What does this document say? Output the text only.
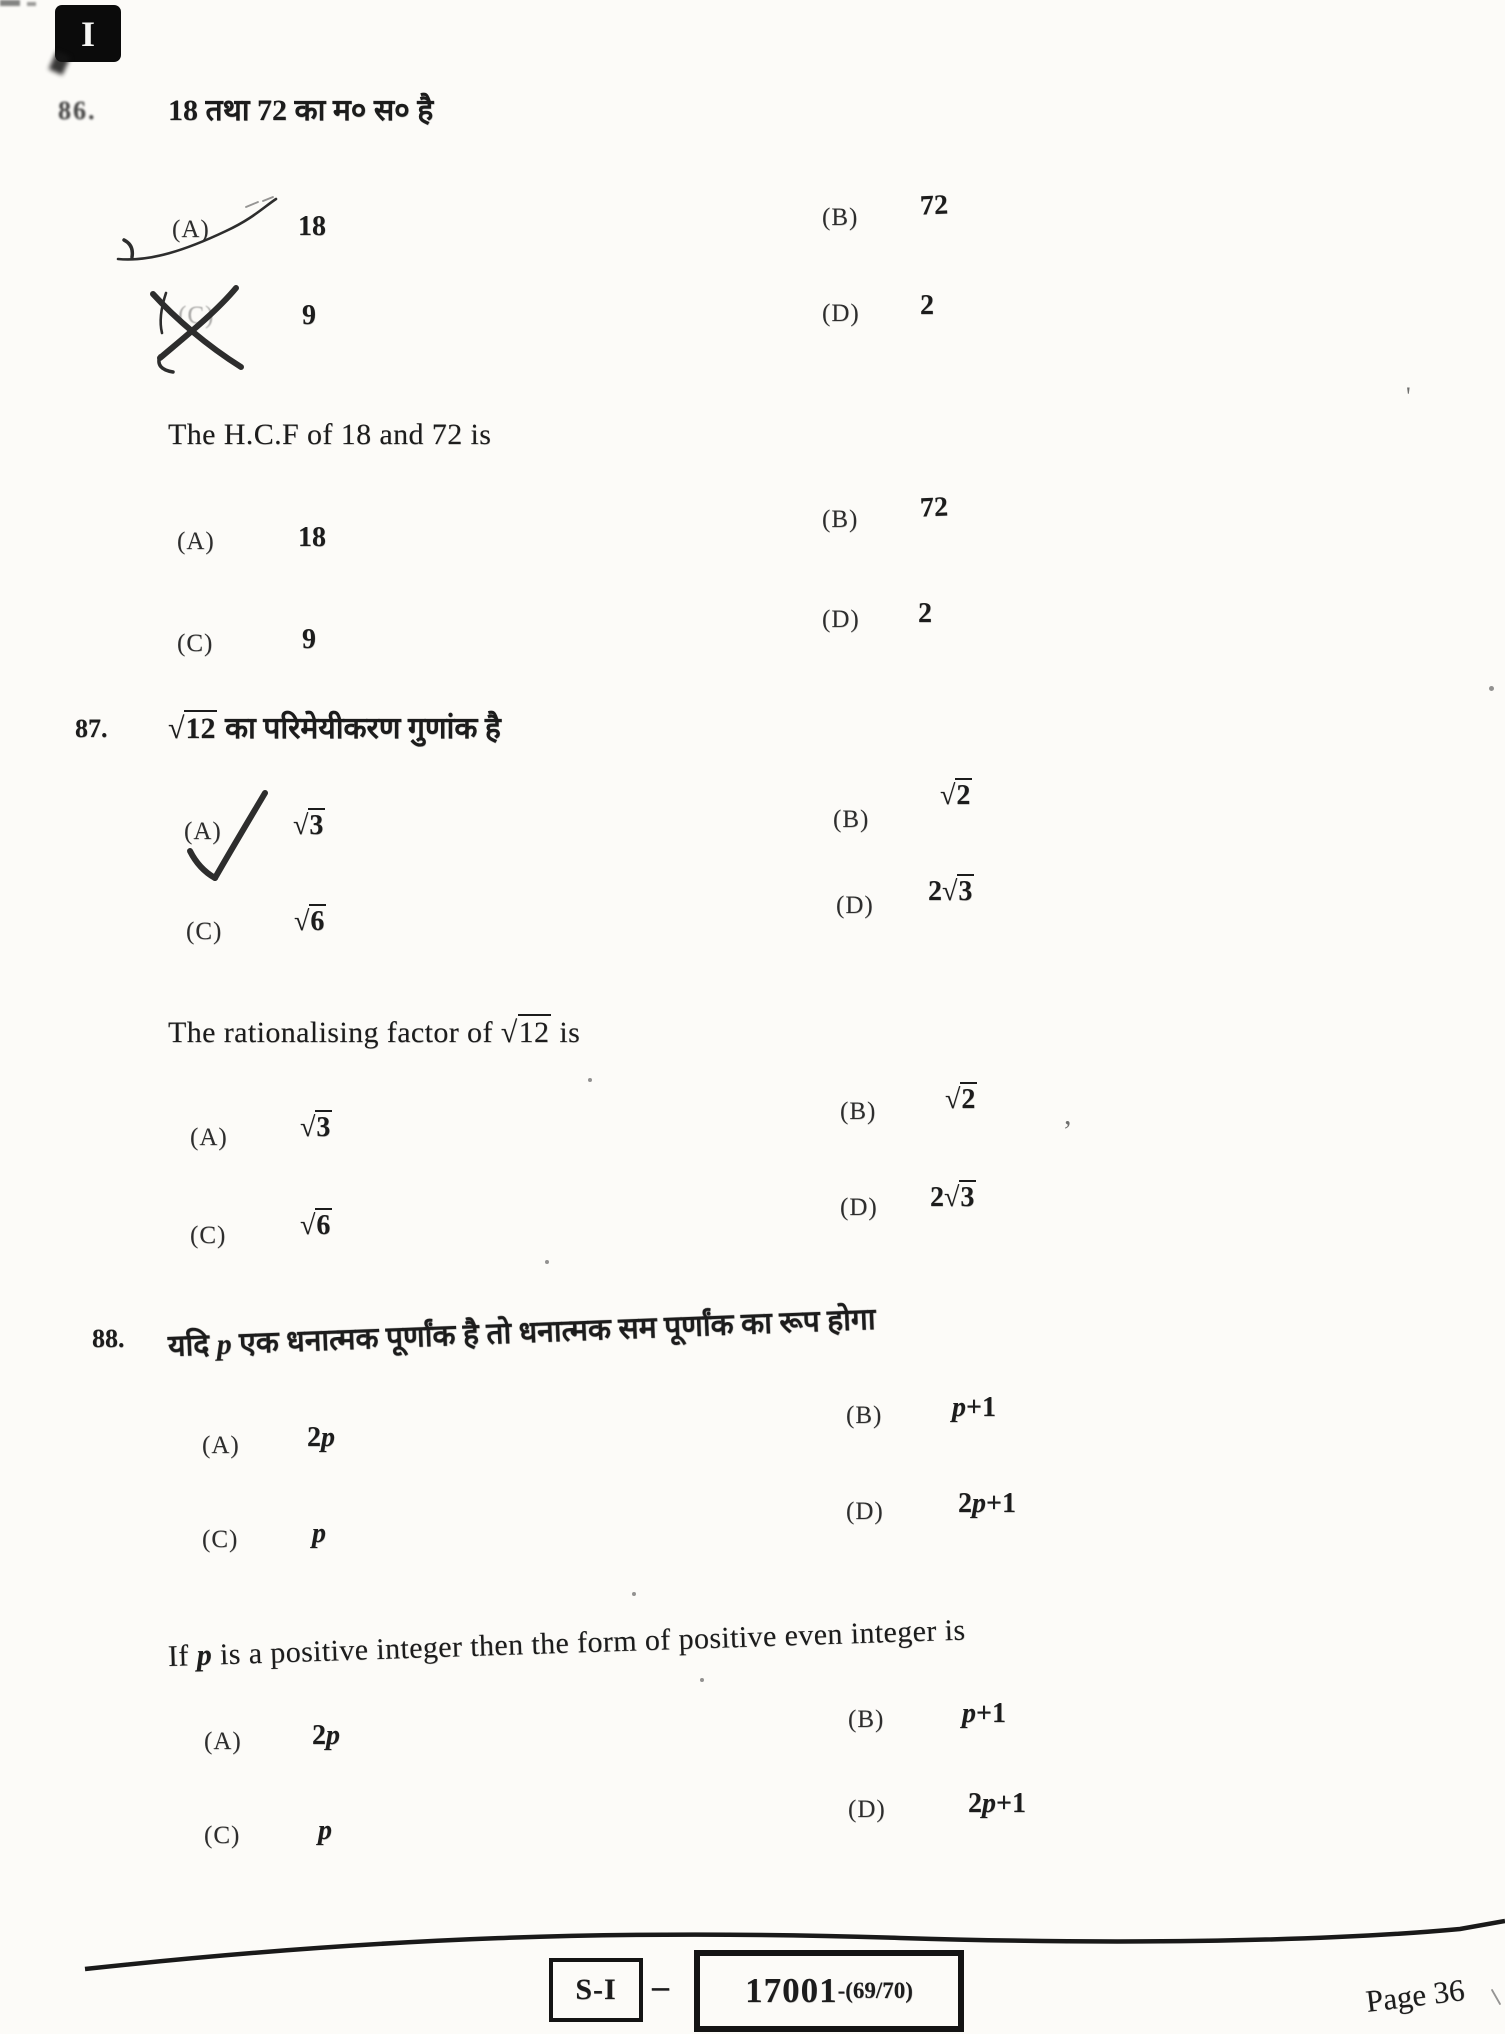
I
86. 18 तथा 72 का म० स० है
(A)	18	(B) 72
(C)	9	(D) 2
The H.C.F of 18 and 72 is
(A)	18
(B) 72
(C)	9
(D) 2
87. √12 का परिमेयीकरण गुणांक है
(A)	√3	(B)
√2
(C)	√6
(D) 2√3
The rationalising factor of √12 is
(A)	√3
(B) √2
(C)	√6
(D) 2√3
88. यदि p एक धनात्मक पूर्णांक है तो धनात्मक सम पूर्णांक का रूप होगा
(A) 2p
(B) p+1
(C)	p
(D)	2p+1
If p is a positive integer then the form of positive even integer is
(A)	2p
(B)	p+1
(C)	p
(D)	2p+1
'
,
S-I – 17001 -(69/70)	Page 36
